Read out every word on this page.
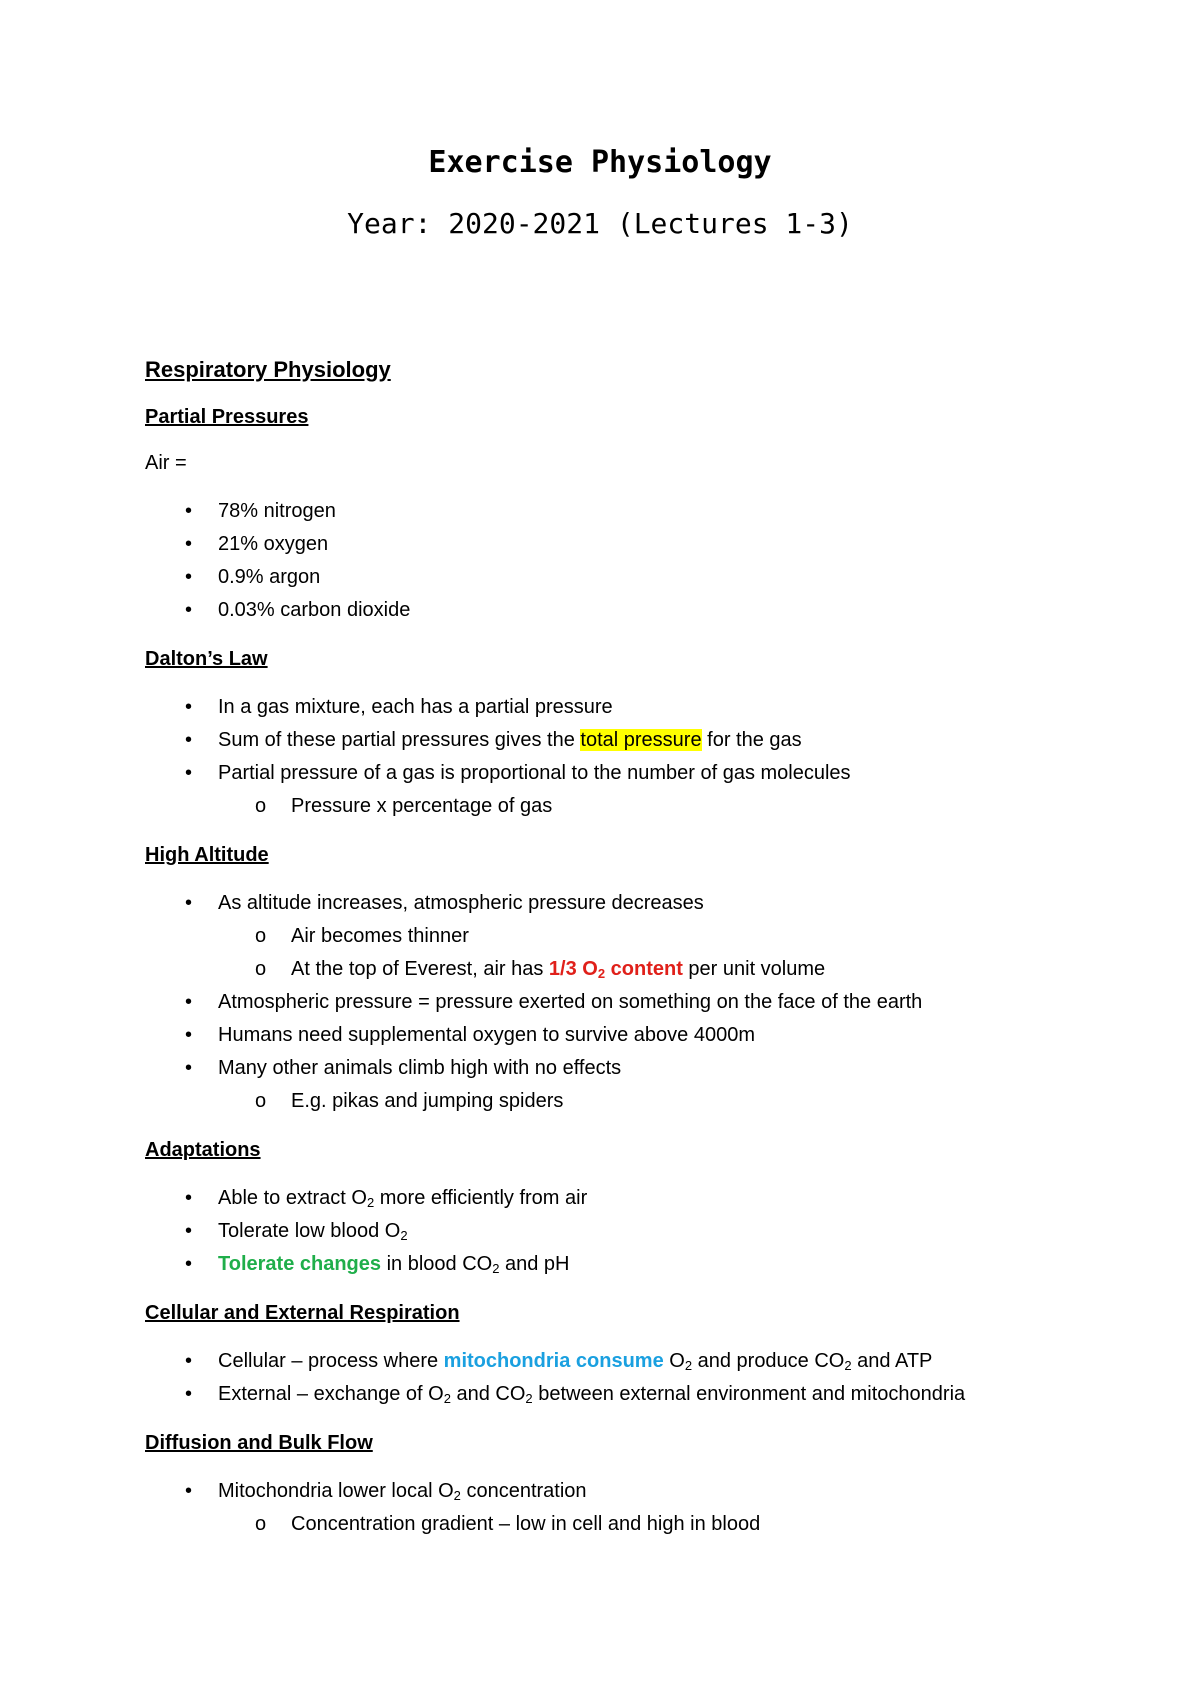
Exercise Physiology
Year: 2020-2021 (Lectures 1-3)
Respiratory Physiology
Partial Pressures
Air =
• 78% nitrogen
• 21% oxygen
• 0.9% argon
• 0.03% carbon dioxide
Dalton’s Law
• In a gas mixture, each has a partial pressure
• Sum of these partial pressures gives the total pressure for the gas
• Partial pressure of a gas is proportional to the number of gas molecules
o Pressure x percentage of gas
High Altitude
• As altitude increases, atmospheric pressure decreases
o Air becomes thinner
o At the top of Everest, air has 1/3 $O_2$ content per unit volume
• Atmospheric pressure = pressure exerted on something on the face of the earth
• Humans need supplemental oxygen to survive above 4000m
• Many other animals climb high with no effects
o E.g. pikas and jumping spiders
Adaptations
• Able to extract $O_2$ more efficiently from air
• Tolerate low blood $O_2$
• Tolerate changes in blood $CO_2$ and pH
Cellular and External Respiration
• Cellular – process where mitochondria consume $O_2$ and produce $CO_2$ and ATP
• External – exchange of $O_2$ and $CO_2$ between external environment and mitochondria
Diffusion and Bulk Flow
• Mitochondria lower local $O_2$ concentration
o Concentration gradient – low in cell and high in blood
